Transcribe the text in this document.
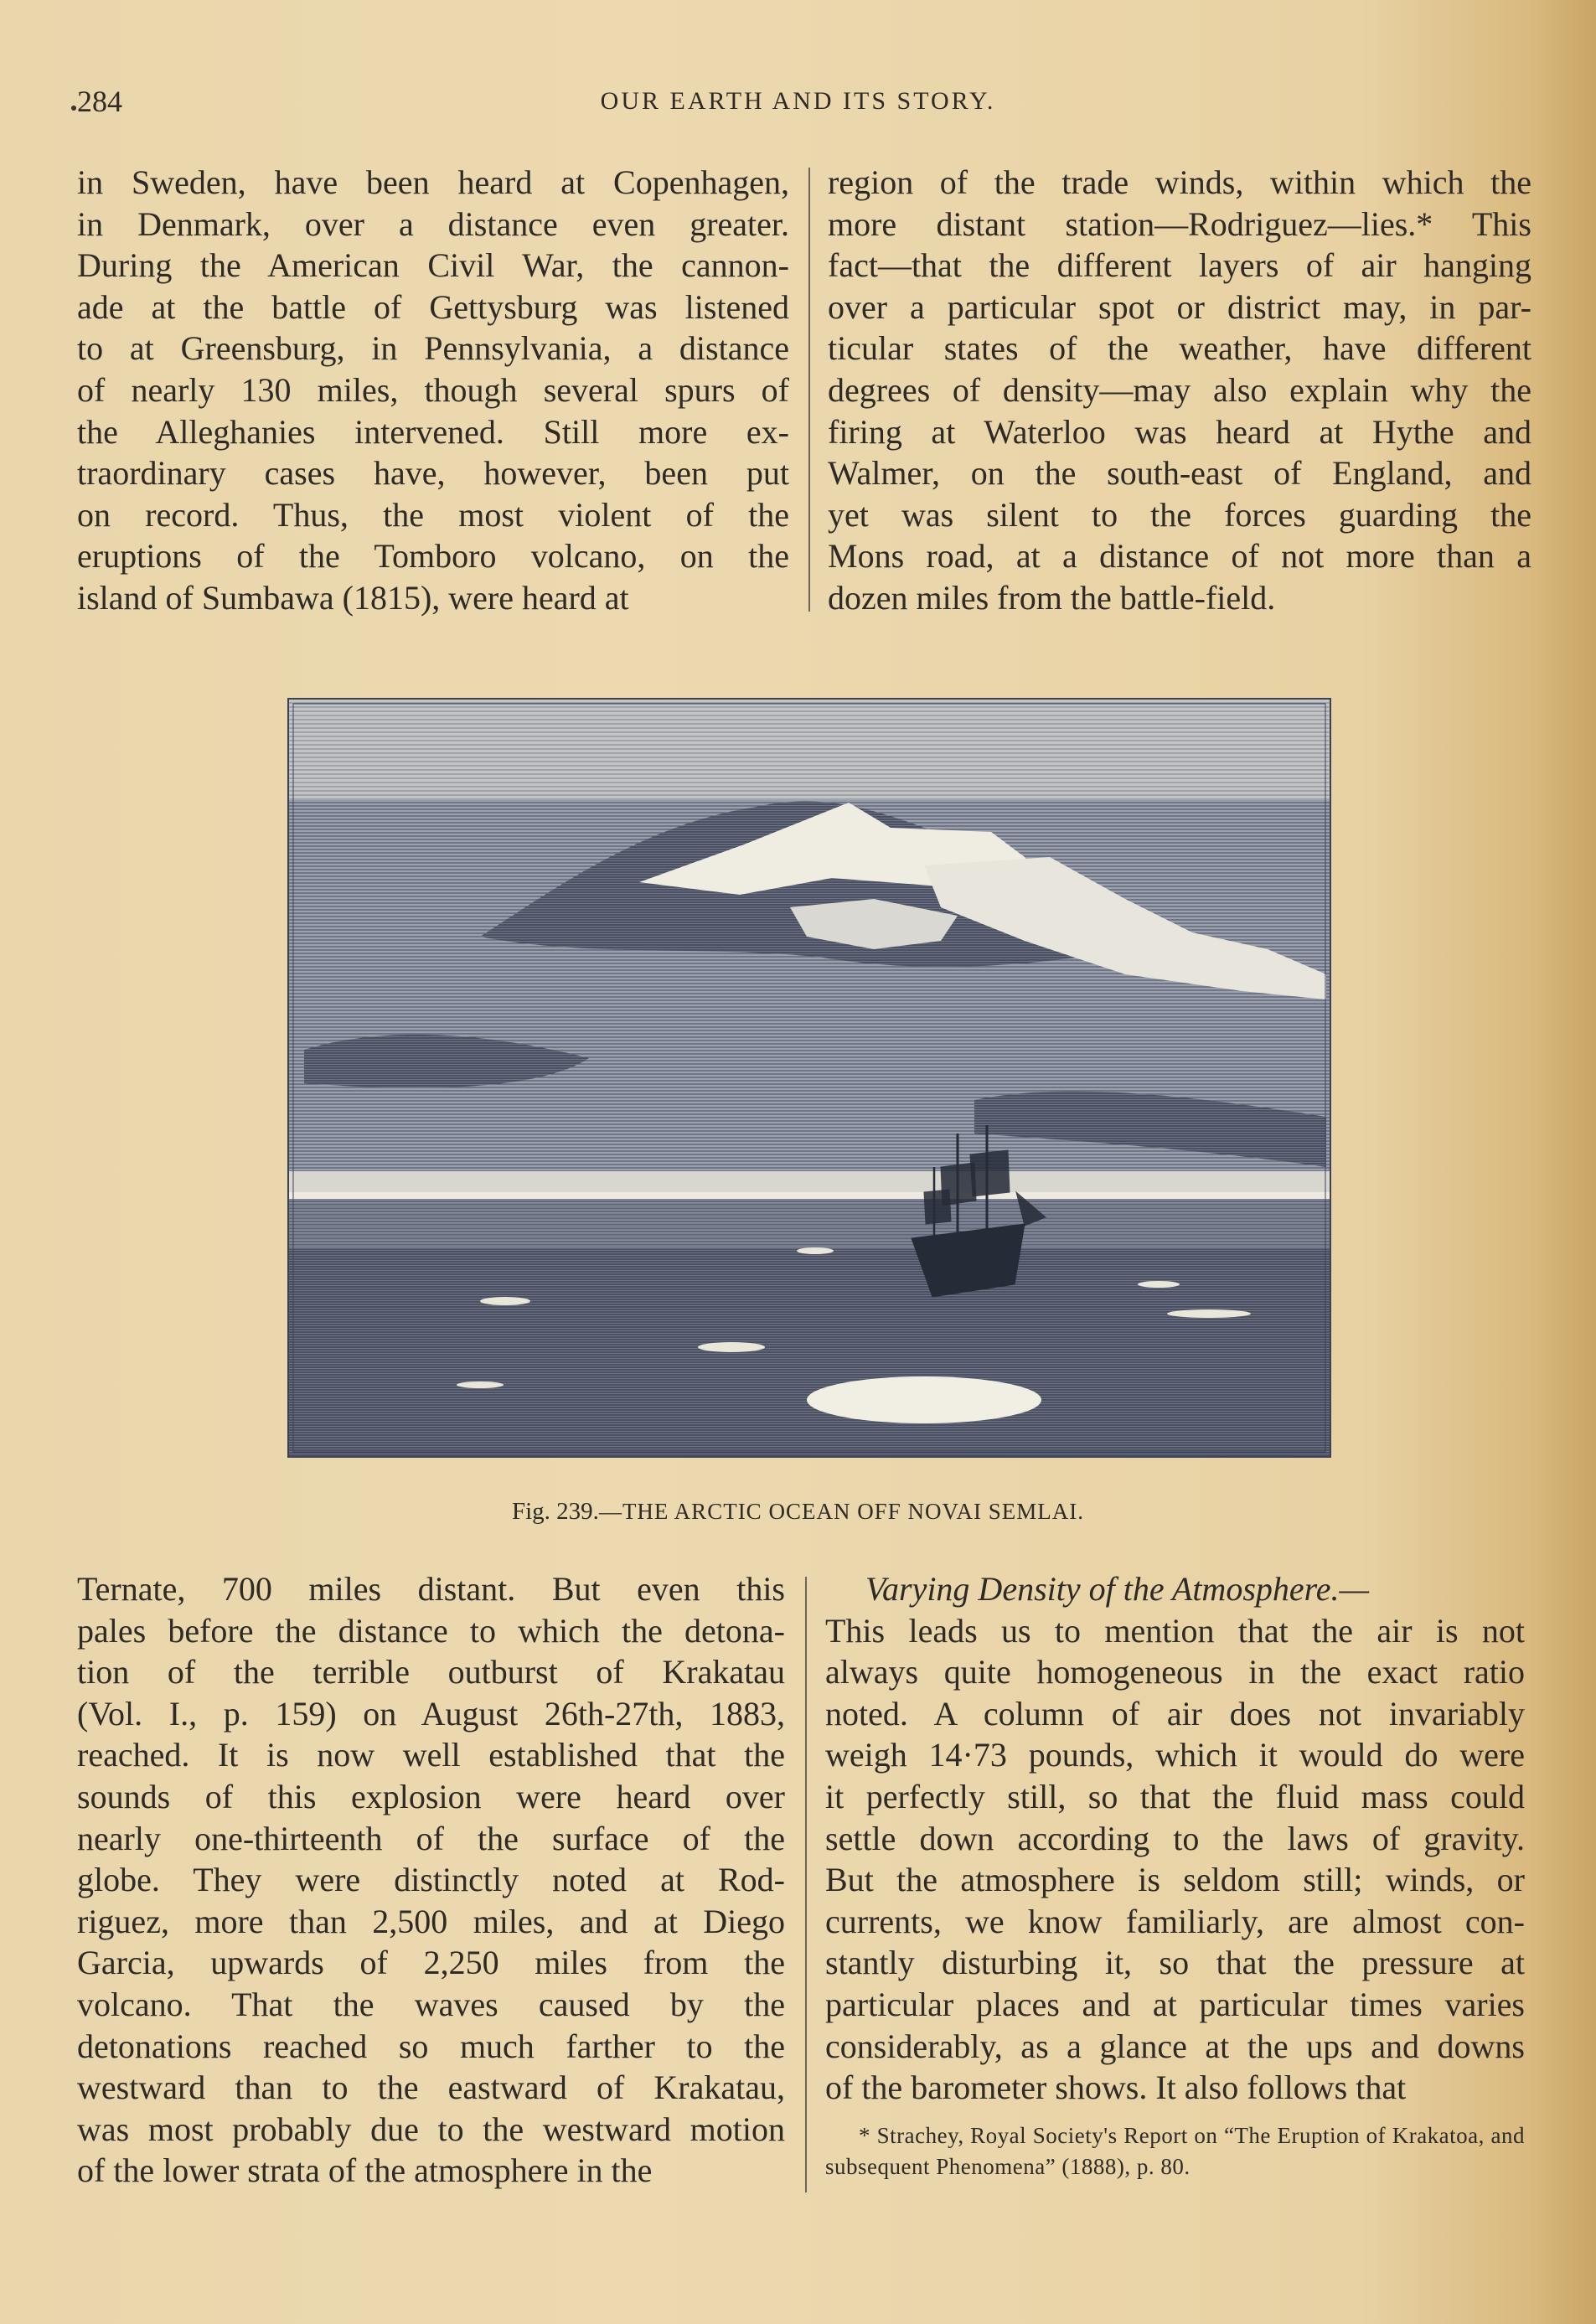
284	OUR EARTH AND ITS STORY.

in Sweden, have been heard at Copenhagen,
in Denmark, over a distance even greater.
During the American Civil War, the cannon-
ade at the battle of Gettysburg was listened
to at Greensburg, in Pennsylvania, a distance
of nearly 130 miles, though several spurs of
the Alleghanies intervened. Still more ex-
traordinary cases have, however, been put
on record. Thus, the most violent of the
eruptions of the Tomboro volcano, on the
island of Sumbawa (1815), were heard at

region of the trade winds, within which the
more distant station—Rodriguez—lies.* This
fact—that the different layers of air hanging
over a particular spot or district may, in par-
ticular states of the weather, have different
degrees of density—may also explain why the
firing at Waterloo was heard at Hythe and
Walmer, on the south-east of England, and
yet was silent to the forces guarding the
Mons road, at a distance of not more than a
dozen miles from the battle-field.

Fig. 239.—THE ARCTIC OCEAN OFF NOVAI SEMLAI.

Ternate, 700 miles distant. But even this
pales before the distance to which the detona-
tion of the terrible outburst of Krakatau
(Vol. I., p. 159) on August 26th-27th, 1883,
reached. It is now well established that the
sounds of this explosion were heard over
nearly one-thirteenth of the surface of the
globe. They were distinctly noted at Rod-
riguez, more than 2,500 miles, and at Diego
Garcia, upwards of 2,250 miles from the
volcano. That the waves caused by the
detonations reached so much farther to the
westward than to the eastward of Krakatau,
was most probably due to the westward motion
of the lower strata of the atmosphere in the

Varying Density of the Atmosphere.—

This leads us to mention that the air is not
always quite homogeneous in the exact ratio
noted. A column of air does not invariably
weigh 14·73 pounds, which it would do were
it perfectly still, so that the fluid mass could
settle down according to the laws of gravity.
But the atmosphere is seldom still; winds, or
currents, we know familiarly, are almost con-
stantly disturbing it, so that the pressure at
particular places and at particular times varies
considerably, as a glance at the ups and downs
of the barometer shows. It also follows that

* Strachey, Royal Society's Report on “The Eruption of Krakatoa, and subsequent Phenomena” (1888), p. 80.
